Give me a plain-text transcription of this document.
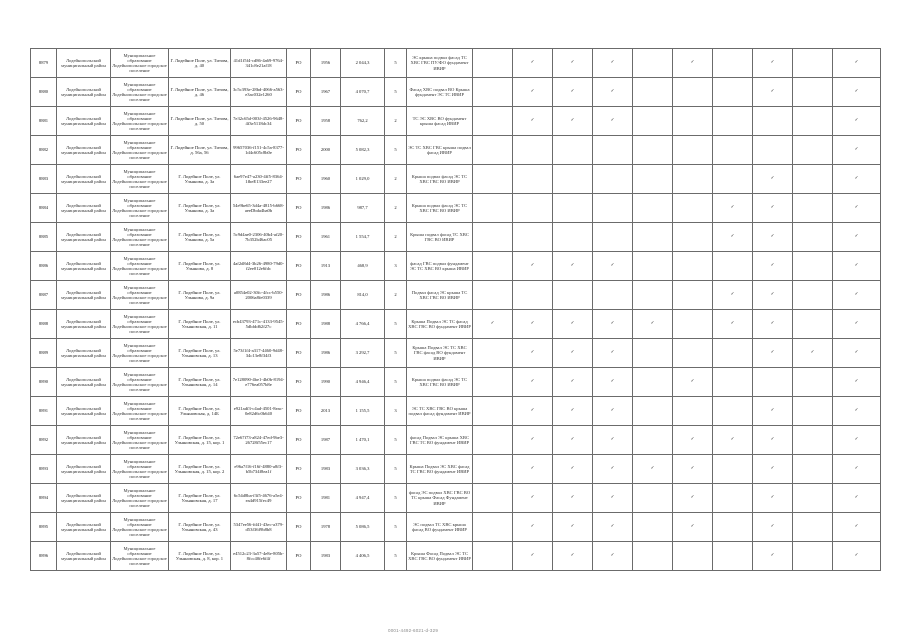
8879	Лодейнопольский муниципальный район	Муниципальное образование Лодейнопольское городское поселение	Г. Лодейное Поле, ул. Титова, д. 40	41d1f5f4-cd86-4a69-9764-341c8e21af18	РО	1956	2 044,3	5	ЭС крыша подвал фасад ТС ХВС ГВС ПУ/ФО фундамент ИВИР		✓	✓	✓		✓		✓		✓
8880	Лодейнопольский муниципальный район	Муниципальное образование Лодейнопольское городское поселение	Г. Лодейное Поле, ул. Титова, д. 46	3c5c393e-28bd-4066-a563-e3ac032e1260	РО	1967	4 070,7	5	Фасад ХВС подвал ВО Крыша фундамент ЭС ТС ИВИР		✓	✓	✓				✓		✓
8881	Лодейнопольский муниципальный район	Муниципальное образование Лодейнопольское городское поселение	Г. Лодейное Поле, ул. Титова, д. 50	7e32c65d-003f-4526-9648-4f3e5118dc34	РО	1958	762,2	2	ТС ЭС ХВС ВО фундамент крыша фасад ИВИР		✓	✓	✓						✓
8882	Лодейнопольский муниципальный район	Муниципальное образование Лодейнопольское городское поселение	Г. Лодейное Поле, ул. Титова, д. 56а, 56	99657036-f151-4c5a-8377-1d4c605c8b0e	РО	2000	5 082,3	5	ЭС ТС ХВС ГВС крыша подвал фасад ИВИР										✓
8883	Лодейнопольский муниципальный район	Муниципальное образование Лодейнопольское городское поселение	Г. Лодейное Поле, ул. Ульянова, д. 3а	6ae97e47-a230-4ff5-8364-1fbeE133ee27	РО	1960	1 029,0	2	Крыша подвал фасад ЭС ТС ХВС ГВС ВО ИВИР								✓		✓
8884	Лодейнопольский муниципальный район	Муниципальное образование Лодейнопольское городское поселение	Г. Лодейное Поле, ул. Ульянова, д. 3а	54e9be65-3d4a-4815-b668-aeeDbda4ba0b	РО	1986	987,7	2	Крыша подвал фасад ЭС ТС ХВС ГВС ВО ИВИР							✓	✓		✓
8885	Лодейнопольский муниципальный район	Муниципальное образование Лодейнопольское городское поселение	Г. Лодейное Поле, ул. Ульянова, д. 5а	5c9d4ae0-2306-40b4-af20-7b352b46ac05	РО	1961	1 554,7	2	Крыша подвал фасад ТС ХВС ГВС ВО ИВИР							✓	✓		✓
8886	Лодейнопольский муниципальный район	Муниципальное образование Лодейнопольское городское поселение	Г. Лодейное Поле, ул. Ульянова, д. 8	4af2d8d4-3b26-4980-79d0-f2ee012e6fdc	РО	1913	468,9	3	фасад ГВС подвал фундамент ЭС ТС ХВС ВО крыша ИВИР		✓	✓	✓				✓		✓
8887	Лодейнопольский муниципальный район	Муниципальное образование Лодейнопольское городское поселение	Г. Лодейное Поле, ул. Ульянова, д. 9а	a0854e02-30fc-4fcc-b550-2006a8fe0339	РО	1986	814,0	2	Подвал фасад ЭС крыша ТС ХВС ГВС ВО ИВИР							✓	✓		✓
8888	Лодейнопольский муниципальный район	Муниципальное образование Лодейнопольское городское поселение	Г. Лодейное Поле, ул. Ульяновская, д. 11	ecb43793-471c-4133-9545-5dbfdd62f27c	РО	1988	4 766,4	5	Крыша Подвал ЭС ТС фасад ХВС ГВС ВО фундамент ИВИР	✓	✓	✓	✓	✓		✓	✓		✓
8889	Лодейнопольский муниципальный район	Муниципальное образование Лодейнопольское городское поселение	Г. Лодейное Поле, ул. Ульяновская, д. 13	5e73f1f4-a317-4460-9d48-34c13e8f34f3	РО	1986	3 292,7	5	Крыша Подвал ЭС ТС ХВС ГВС фасад ВО фундамент ИВИР		✓	✓	✓				✓	✓	✓
8890	Лодейнопольский муниципальный район	Муниципальное образование Лодейнопольское городское поселение	Г. Лодейное Поле, ул. Ульяновская, д. 14	7e128090-4be1-4b0b-8194-e776ea057b8e	РО	1990	4 946,4	5	Крыша подвал фасад ЭС ТС ХВС ГВС ВО ИВИР		✓	✓	✓		✓				✓
8891	Лодейнопольский муниципальный район	Муниципальное образование Лодейнопольское городское поселение	Г. Лодейное Поле, ул. Ульяновская, д. 14Б	e921adf3-c4ad-4501-8eac-0e82d6c0b640	РО	2013	1 155,5	3	ЭС ТС ХВС ГВС ВО крыша подвал фасад фундамент ИВИР		✓	✓	✓				✓		✓
8892	Лодейнопольский муниципальный район	Муниципальное образование Лодейнопольское городское поселение	Г. Лодейное Поле, ул. Ульяновская, д. 15, кор. 1	72e67f73-a824-47ed-9be3-26728f55ec17	РО	1987	1 470,1	5	фасад Подвал ЭС крыша ХВС ГВС ТС ВО фундамент ИВИР		✓	✓	✓		✓	✓	✓		✓
8893	Лодейнопольский муниципальный район	Муниципальное образование Лодейнопольское городское поселение	Г. Лодейное Поле, ул. Ульяновская, д. 15, кор. 2	e96a7f16-f16f-4880-a8f3-b5b734f8ea1f	РО	1983	3 036,3	5	Крыша Подвал ЭС ХВС фасад ТС ГВС ВО фундамент ИВИР		✓	✓	✓	✓	✓		✓		✓
8894	Лодейнопольский муниципальный район	Муниципальное образование Лодейнопольское городское поселение	Г. Лодейное Поле, ул. Ульяновская, д. 17	6c54d8ba-f3f5-4676-a5e4-ea4d915fec49	РО	1981	4 947,4	5	фасад ЭС подвал ХВС ГВС ВО ТС крыша Фасад Фундамент ИВИР		✓	✓	✓		✓		✓		✓
8895	Лодейнопольский муниципальный район	Муниципальное образование Лодейнопольское городское поселение	Г. Лодейное Поле, ул. Ульяновская, д. 43	5347ee56-fd41-43ec-a379-d53f36f9b8b8	РО	1978	5 086,5	5	ЭС подвал ТС ХВС крыша фасад ВО фундамент ИВИР		✓	✓	✓		✓		✓		✓
8896	Лодейнопольский муниципальный район	Муниципальное образование Лодейнопольское городское поселение	Г. Лодейное Поле, ул. Ульяновская, д. 8, кор. 1	e4512c23-3a57-4e8e-805b-8fcc40fe6f4f	РО	1983	4 406,5	5	Крыша Фасад Подвал ЭС ТС ХВС ГВС ВО фундамент ИВИР		✓	✓	✓				✓		✓
0001-4492-6021-d-329
